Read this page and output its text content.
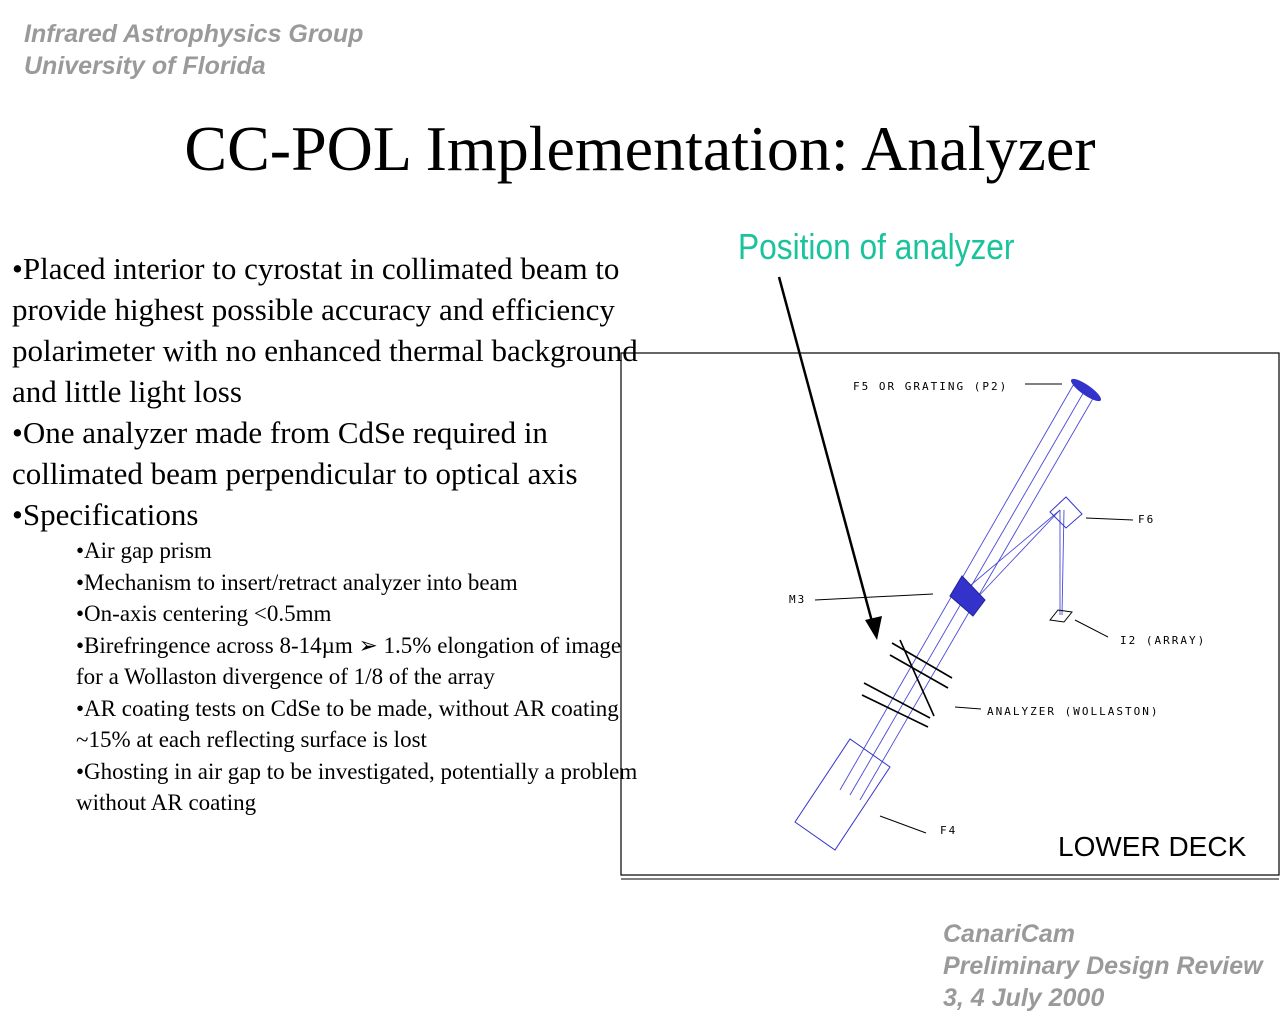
Infrared Astrophysics Group
University of Florida
CC-POL Implementation: Analyzer
•Placed interior to cyrostat in collimated beam to provide highest possible accuracy and efficiency polarimeter with no enhanced thermal background and little light loss
•One analyzer made from CdSe required in collimated beam perpendicular to optical axis
•Specifications
•Air gap prism
•Mechanism to insert/retract analyzer into beam
•On-axis centering <0.5mm
•Birefringence across 8-14µm ➢ 1.5% elongation of image for a Wollaston divergence of 1/8 of the array
•AR coating tests on CdSe to be made, without AR coating ~15% at each reflecting surface is lost
•Ghosting in air gap to be investigated, potentially a problem without AR coating
Position of analyzer
F5 OR GRATING (P2)
F6
M3
I2 (ARRAY)
ANALYZER (WOLLASTON)
F4
LOWER DECK
CanariCam
Preliminary Design Review
3, 4 July 2000
